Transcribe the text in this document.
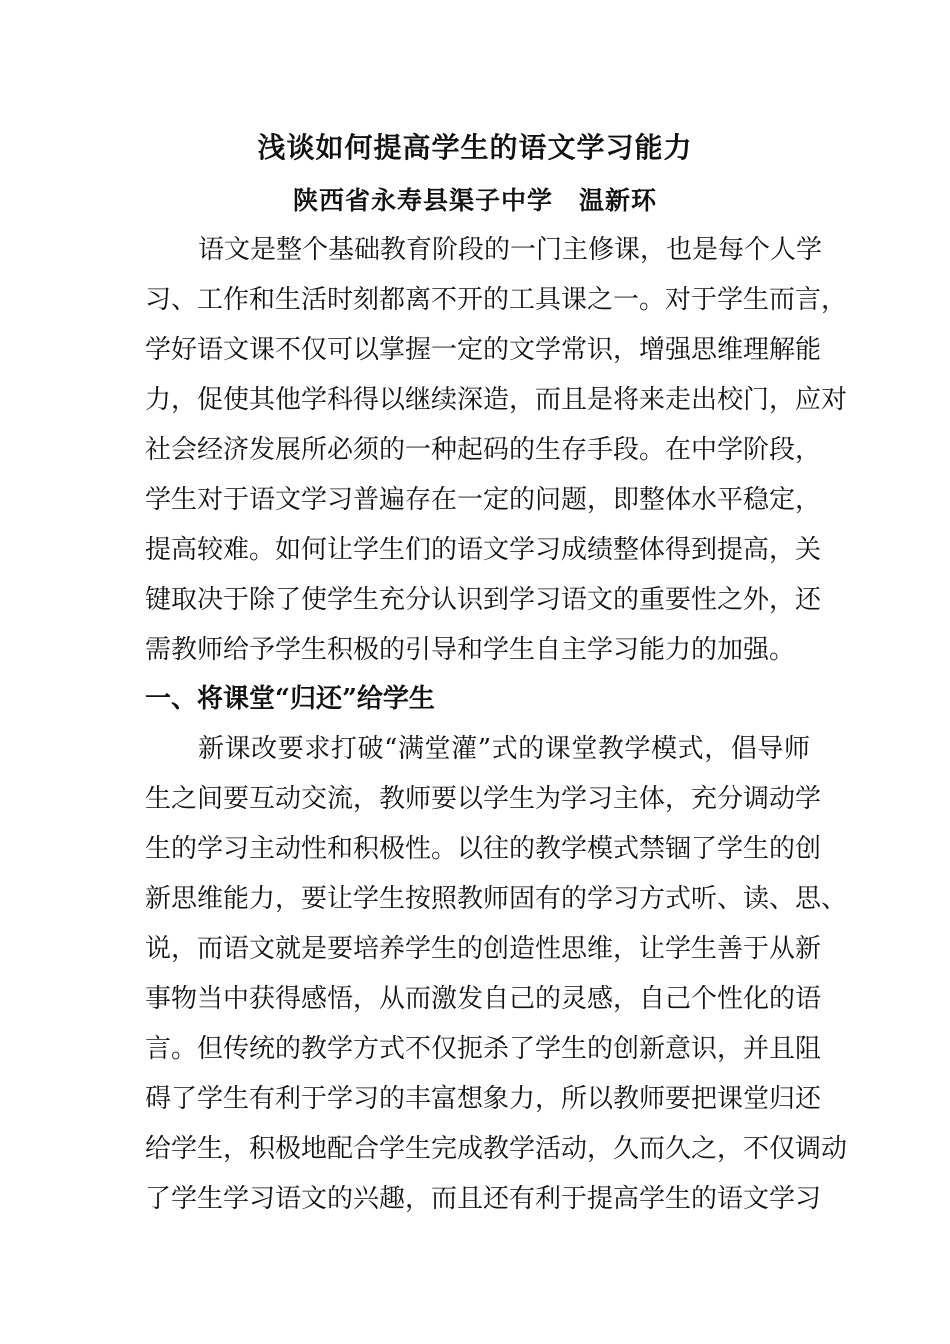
浅谈如何提高学生的语文学习能力
陕西省永寿县渠子中学　温新环
语文是整个基础教育阶段的一门主修课，也是每个人学
习、工作和生活时刻都离不开的工具课之一。对于学生而言，
学好语文课不仅可以掌握一定的文学常识，增强思维理解能
力，促使其他学科得以继续深造，而且是将来走出校门，应对
社会经济发展所必须的一种起码的生存手段。在中学阶段，
学生对于语文学习普遍存在一定的问题，即整体水平稳定，
提高较难。如何让学生们的语文学习成绩整体得到提高，关
键取决于除了使学生充分认识到学习语文的重要性之外，还
需教师给予学生积极的引导和学生自主学习能力的加强。
一、将课堂“归还”给学生
新课改要求打破“满堂灌”式的课堂教学模式，倡导师
生之间要互动交流，教师要以学生为学习主体，充分调动学
生的学习主动性和积极性。以往的教学模式禁锢了学生的创
新思维能力，要让学生按照教师固有的学习方式听、读、思、
说，而语文就是要培养学生的创造性思维，让学生善于从新
事物当中获得感悟，从而激发自己的灵感，自己个性化的语
言。但传统的教学方式不仅扼杀了学生的创新意识，并且阻
碍了学生有利于学习的丰富想象力，所以教师要把课堂归还
给学生，积极地配合学生完成教学活动，久而久之，不仅调动
了学生学习语文的兴趣，而且还有利于提高学生的语文学习
